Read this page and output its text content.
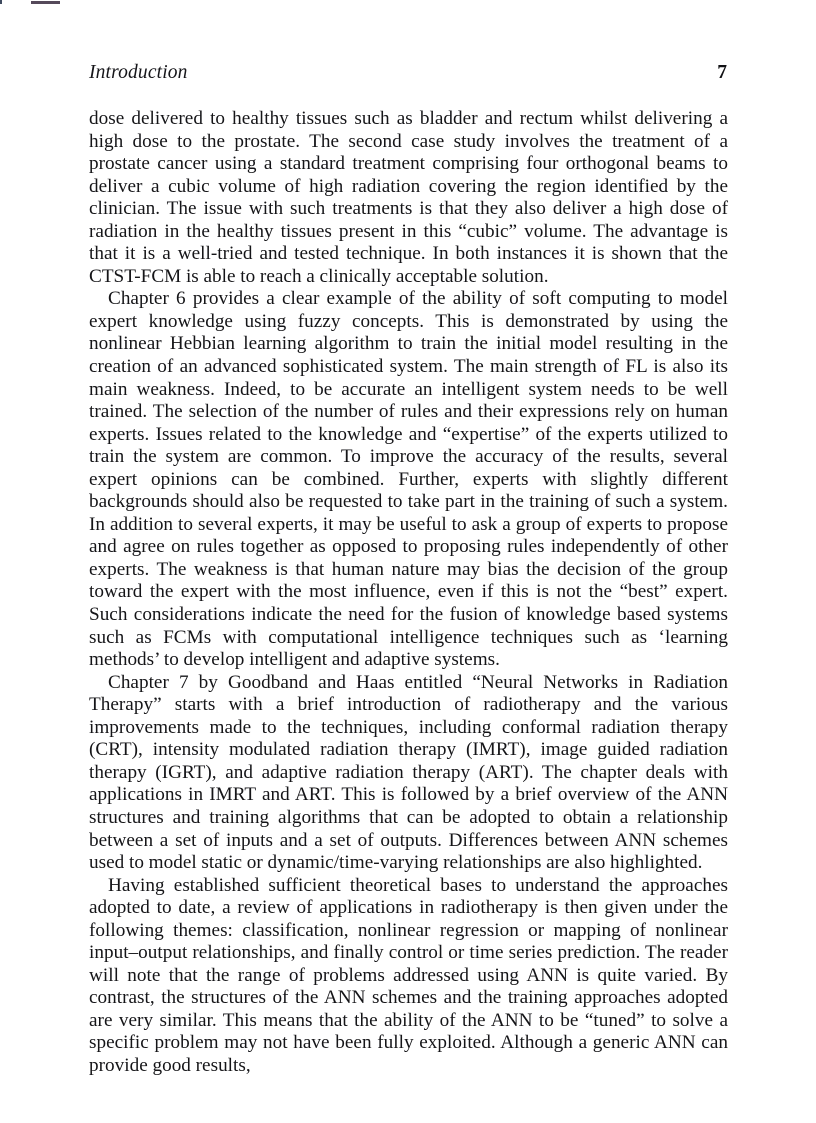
Introduction	7

dose delivered to healthy tissues such as bladder and rectum whilst delivering a high dose to the prostate. The second case study involves the treatment of a prostate cancer using a standard treatment comprising four orthogonal beams to deliver a cubic volume of high radiation covering the region identified by the clinician. The issue with such treatments is that they also deliver a high dose of radiation in the healthy tissues present in this “cubic” volume. The advantage is that it is a well-tried and tested technique. In both instances it is shown that the CTST-FCM is able to reach a clinically acceptable solution.

Chapter 6 provides a clear example of the ability of soft computing to model expert knowledge using fuzzy concepts. This is demonstrated by using the nonlinear Hebbian learning algorithm to train the initial model resulting in the creation of an advanced sophisticated system. The main strength of FL is also its main weakness. Indeed, to be accurate an intelligent system needs to be well trained. The selection of the number of rules and their expressions rely on human experts. Issues related to the knowledge and “expertise” of the experts utilized to train the system are common. To improve the accuracy of the results, several expert opinions can be combined. Further, experts with slightly different backgrounds should also be requested to take part in the training of such a system. In addition to several experts, it may be useful to ask a group of experts to propose and agree on rules together as opposed to proposing rules independently of other experts. The weakness is that human nature may bias the decision of the group toward the expert with the most influence, even if this is not the “best” expert. Such considerations indicate the need for the fusion of knowledge based systems such as FCMs with computational intelligence techniques such as ‘learning methods’ to develop intelligent and adaptive systems.

Chapter 7 by Goodband and Haas entitled “Neural Networks in Radiation Therapy” starts with a brief introduction of radiotherapy and the various improvements made to the techniques, including conformal radiation therapy (CRT), intensity modulated radiation therapy (IMRT), image guided radiation therapy (IGRT), and adaptive radiation therapy (ART). The chapter deals with applications in IMRT and ART. This is followed by a brief overview of the ANN structures and training algorithms that can be adopted to obtain a relationship between a set of inputs and a set of outputs. Differences between ANN schemes used to model static or dynamic/time-varying relationships are also highlighted.

Having established sufficient theoretical bases to understand the approaches adopted to date, a review of applications in radiotherapy is then given under the following themes: classification, nonlinear regression or mapping of nonlinear input–output relationships, and finally control or time series prediction. The reader will note that the range of problems addressed using ANN is quite varied. By contrast, the structures of the ANN schemes and the training approaches adopted are very similar. This means that the ability of the ANN to be “tuned” to solve a specific problem may not have been fully exploited. Although a generic ANN can provide good results,
